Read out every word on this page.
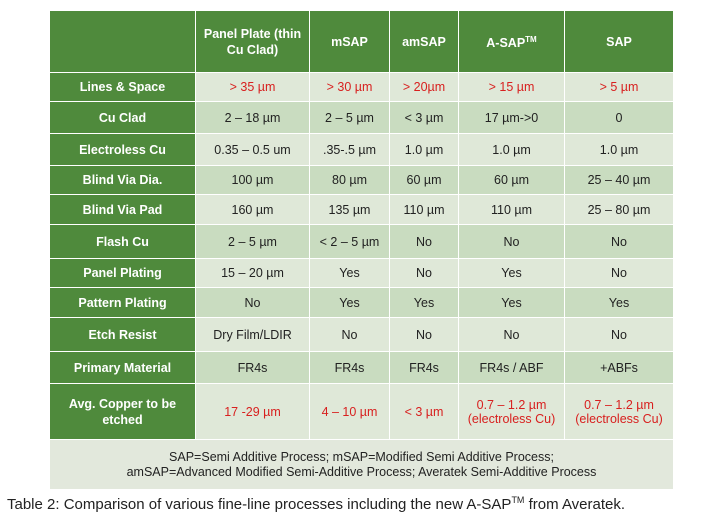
	Panel Plate (thin Cu Clad)	mSAP	amSAP	A-SAP™	SAP
Lines & Space	> 35 µm	> 30 µm	> 20µm	> 15 µm	> 5 µm
Cu Clad	2 – 18 µm	2 – 5 µm	< 3 µm	17 µm->0	0
Electroless Cu	0.35 – 0.5 um	.35-.5 µm	1.0 µm	1.0 µm	1.0 µm
Blind Via Dia.	100 µm	80 µm	60 µm	60 µm	25 – 40 µm
Blind Via Pad	160 µm	135 µm	110 µm	110 µm	25 – 80 µm
Flash Cu	2 – 5 µm	< 2 – 5 µm	No	No	No
Panel Plating	15 – 20 µm	Yes	No	Yes	No
Pattern Plating	No	Yes	Yes	Yes	Yes
Etch Resist	Dry Film/LDIR	No	No	No	No
Primary Material	FR4s	FR4s	FR4s	FR4s / ABF	+ABFs
Avg. Copper to be etched	17 -29 µm	4 – 10 µm	< 3 µm	0.7 – 1.2 µm (electroless Cu)	0.7 – 1.2 µm (electroless Cu)

SAP=Semi Additive Process; mSAP=Modified Semi Additive Process;
amSAP=Advanced Modified Semi-Additive Process; Averatek Semi-Additive Process					
Table 2: Comparison of various fine-line processes including the new A-SAP™ from Averatek.
